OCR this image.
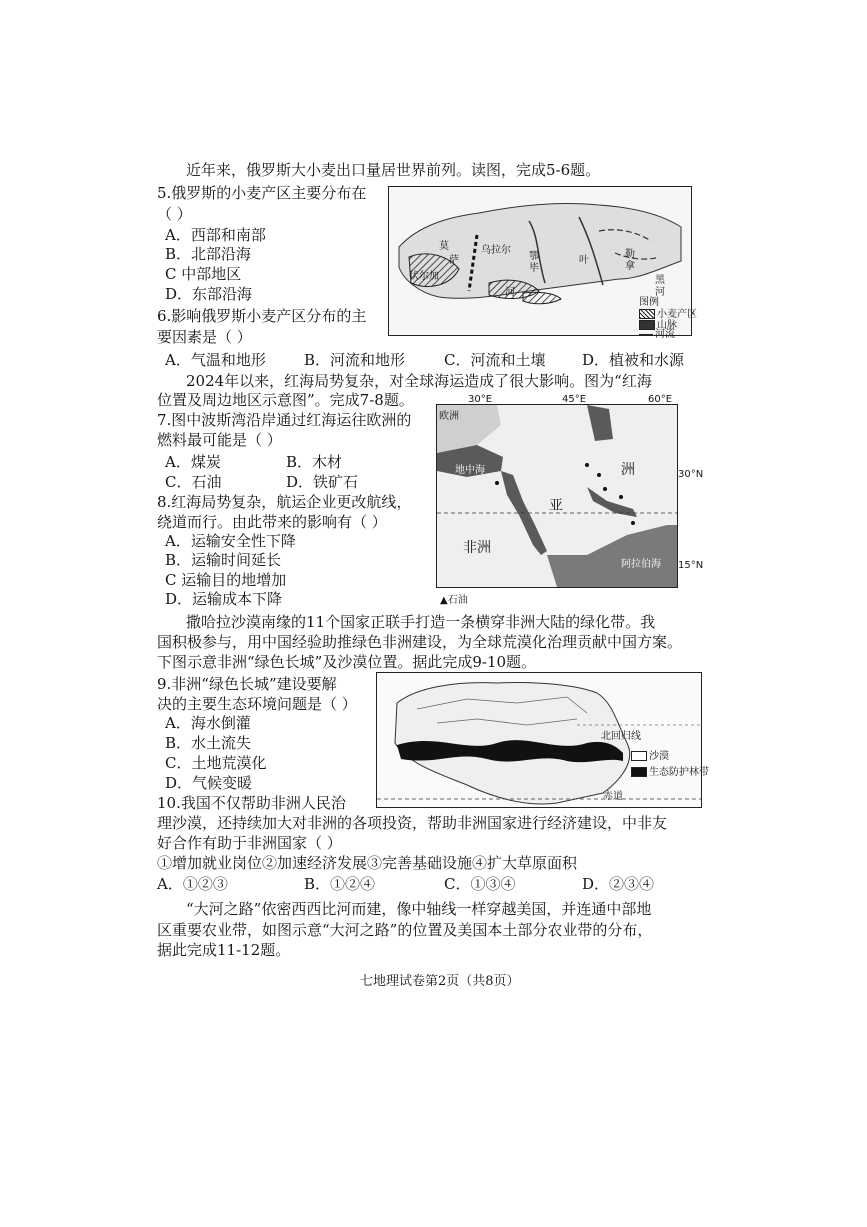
近年来，俄罗斯大小麦出口量居世界前列。读图，完成5-6题。
5.俄罗斯的小麦产区主要分布在
（ ）
A．西部和南部
B．北部沿海
C 中部地区
D．东部沿海
莫	乌拉尔
萨
伏尔加
鄂
毕
叶
河
勒
拿
黑
河
图例
小麦产区
山脉
河流
6.影响俄罗斯小麦产区分布的主
要因素是（ ）
A．气温和地形	B．河流和地形	C．河流和土壤 D．植被和水源
2024年以来，红海局势复杂，对全球海运造成了很大影响。图为“红海
位置及周边地区示意图”。完成7-8题。
7.图中波斯湾沿岸通过红海运往欧洲的
燃料最可能是（ ）
A．煤炭	B．木材
C．石油	D．铁矿石
欧洲
地中海
亚
洲
非洲
阿拉伯海
30°E	45°E	60°E
30°N
15°N
▲石油
8.红海局势复杂，航运企业更改航线，
绕道而行。由此带来的影响有（ ）
A．运输安全性下降
B．运输时间延长
C 运输目的地增加
D．运输成本下降
撒哈拉沙漠南缘的11个国家正联手打造一条横穿非洲大陆的绿化带。我
国积极参与，用中国经验助推绿色非洲建设，为全球荒漠化治理贡献中国方案。
下图示意非洲“绿色长城”及沙漠位置。据此完成9-10题。
9.非洲“绿色长城”建设要解
决的主要生态环境问题是（ ）
A．海水倒灌
B．水土流失
C．土地荒漠化
D．气候变暖
北回归线
赤道
沙漠
生态防护林带
10.我国不仅帮助非洲人民治
理沙漠，还持续加大对非洲的各项投资，帮助非洲国家进行经济建设，中非友
好合作有助于非洲国家（ ）
①增加就业岗位②加速经济发展③完善基础设施④扩大草原面积
A．①②③	B．①②④	C．①③④	D．②③④
“大河之路”依密西西比河而建，像中轴线一样穿越美国，并连通中部地
区重要农业带，如图示意“大河之路”的位置及美国本土部分农业带的分布，
据此完成11-12题。
七地理试卷第2页（共8页）
